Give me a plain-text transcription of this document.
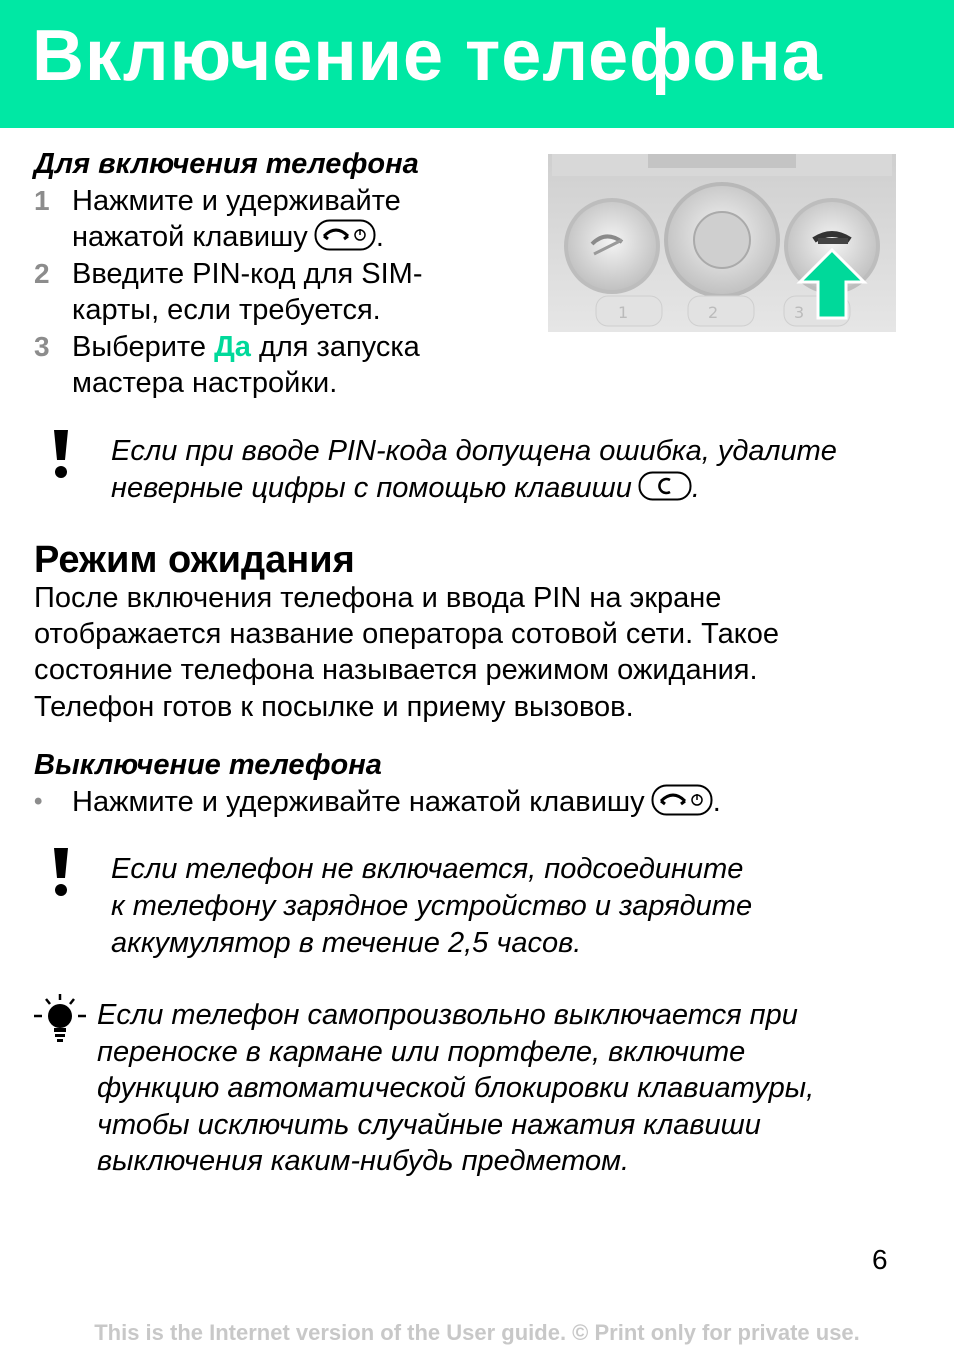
Включение телефона
Для включения телефона
1 Нажмите и удерживайте
нажатой клавишу .
2 Введите PIN-код для SIM-
карты, если требуется.
3 Выберите Да для запуска
мастера настройки.
1	2	3
Если при вводе PIN-кода допущена ошибка, удалите
неверные цифры с помощью клавиши .
Режим ожидания
После включения телефона и ввода PIN на экране
отображается название оператора сотовой сети. Такое
состояние телефона называется режимом ожидания.
Телефон готов к посылке и приему вызовов.
Выключение телефона
• Нажмите и удерживайте нажатой клавишу .
Если телефон не включается, подсоедините
к телефону зарядное устройство и зарядите
аккумулятор в течение 2,5 часов.
Если телефон самопроизвольно выключается при
переноске в кармане или портфеле, включите
функцию автоматической блокировки клавиатуры,
чтобы исключить случайные нажатия клавиши
выключения каким-нибудь предметом.
6
This is the Internet version of the User guide. © Print only for private use.
